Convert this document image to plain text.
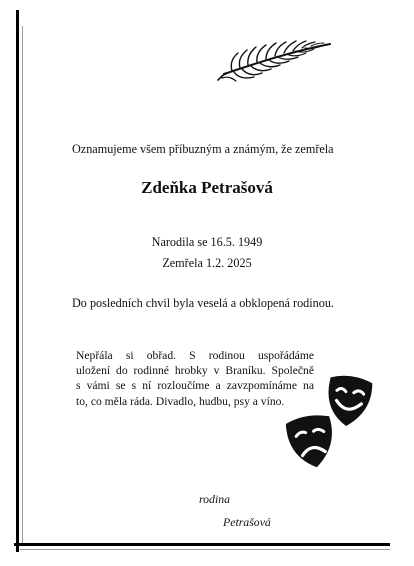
Oznamujeme všem příbuzným a známým, že zemřela
Zdeňka Petrašová
Narodila se 16.5. 1949
Zemřela 1.2. 2025
Do posledních chvil byla veselá a obklopená rodinou.
Nepřála si obřad. S rodinou uspořádáme
uložení do rodinné hrobky v Braníku. Společně
s vámi se s ní rozloučíme a zavzpomínáme na
to, co měla ráda. Divadlo, hudbu, psy a víno.
rodina
Petrašová
